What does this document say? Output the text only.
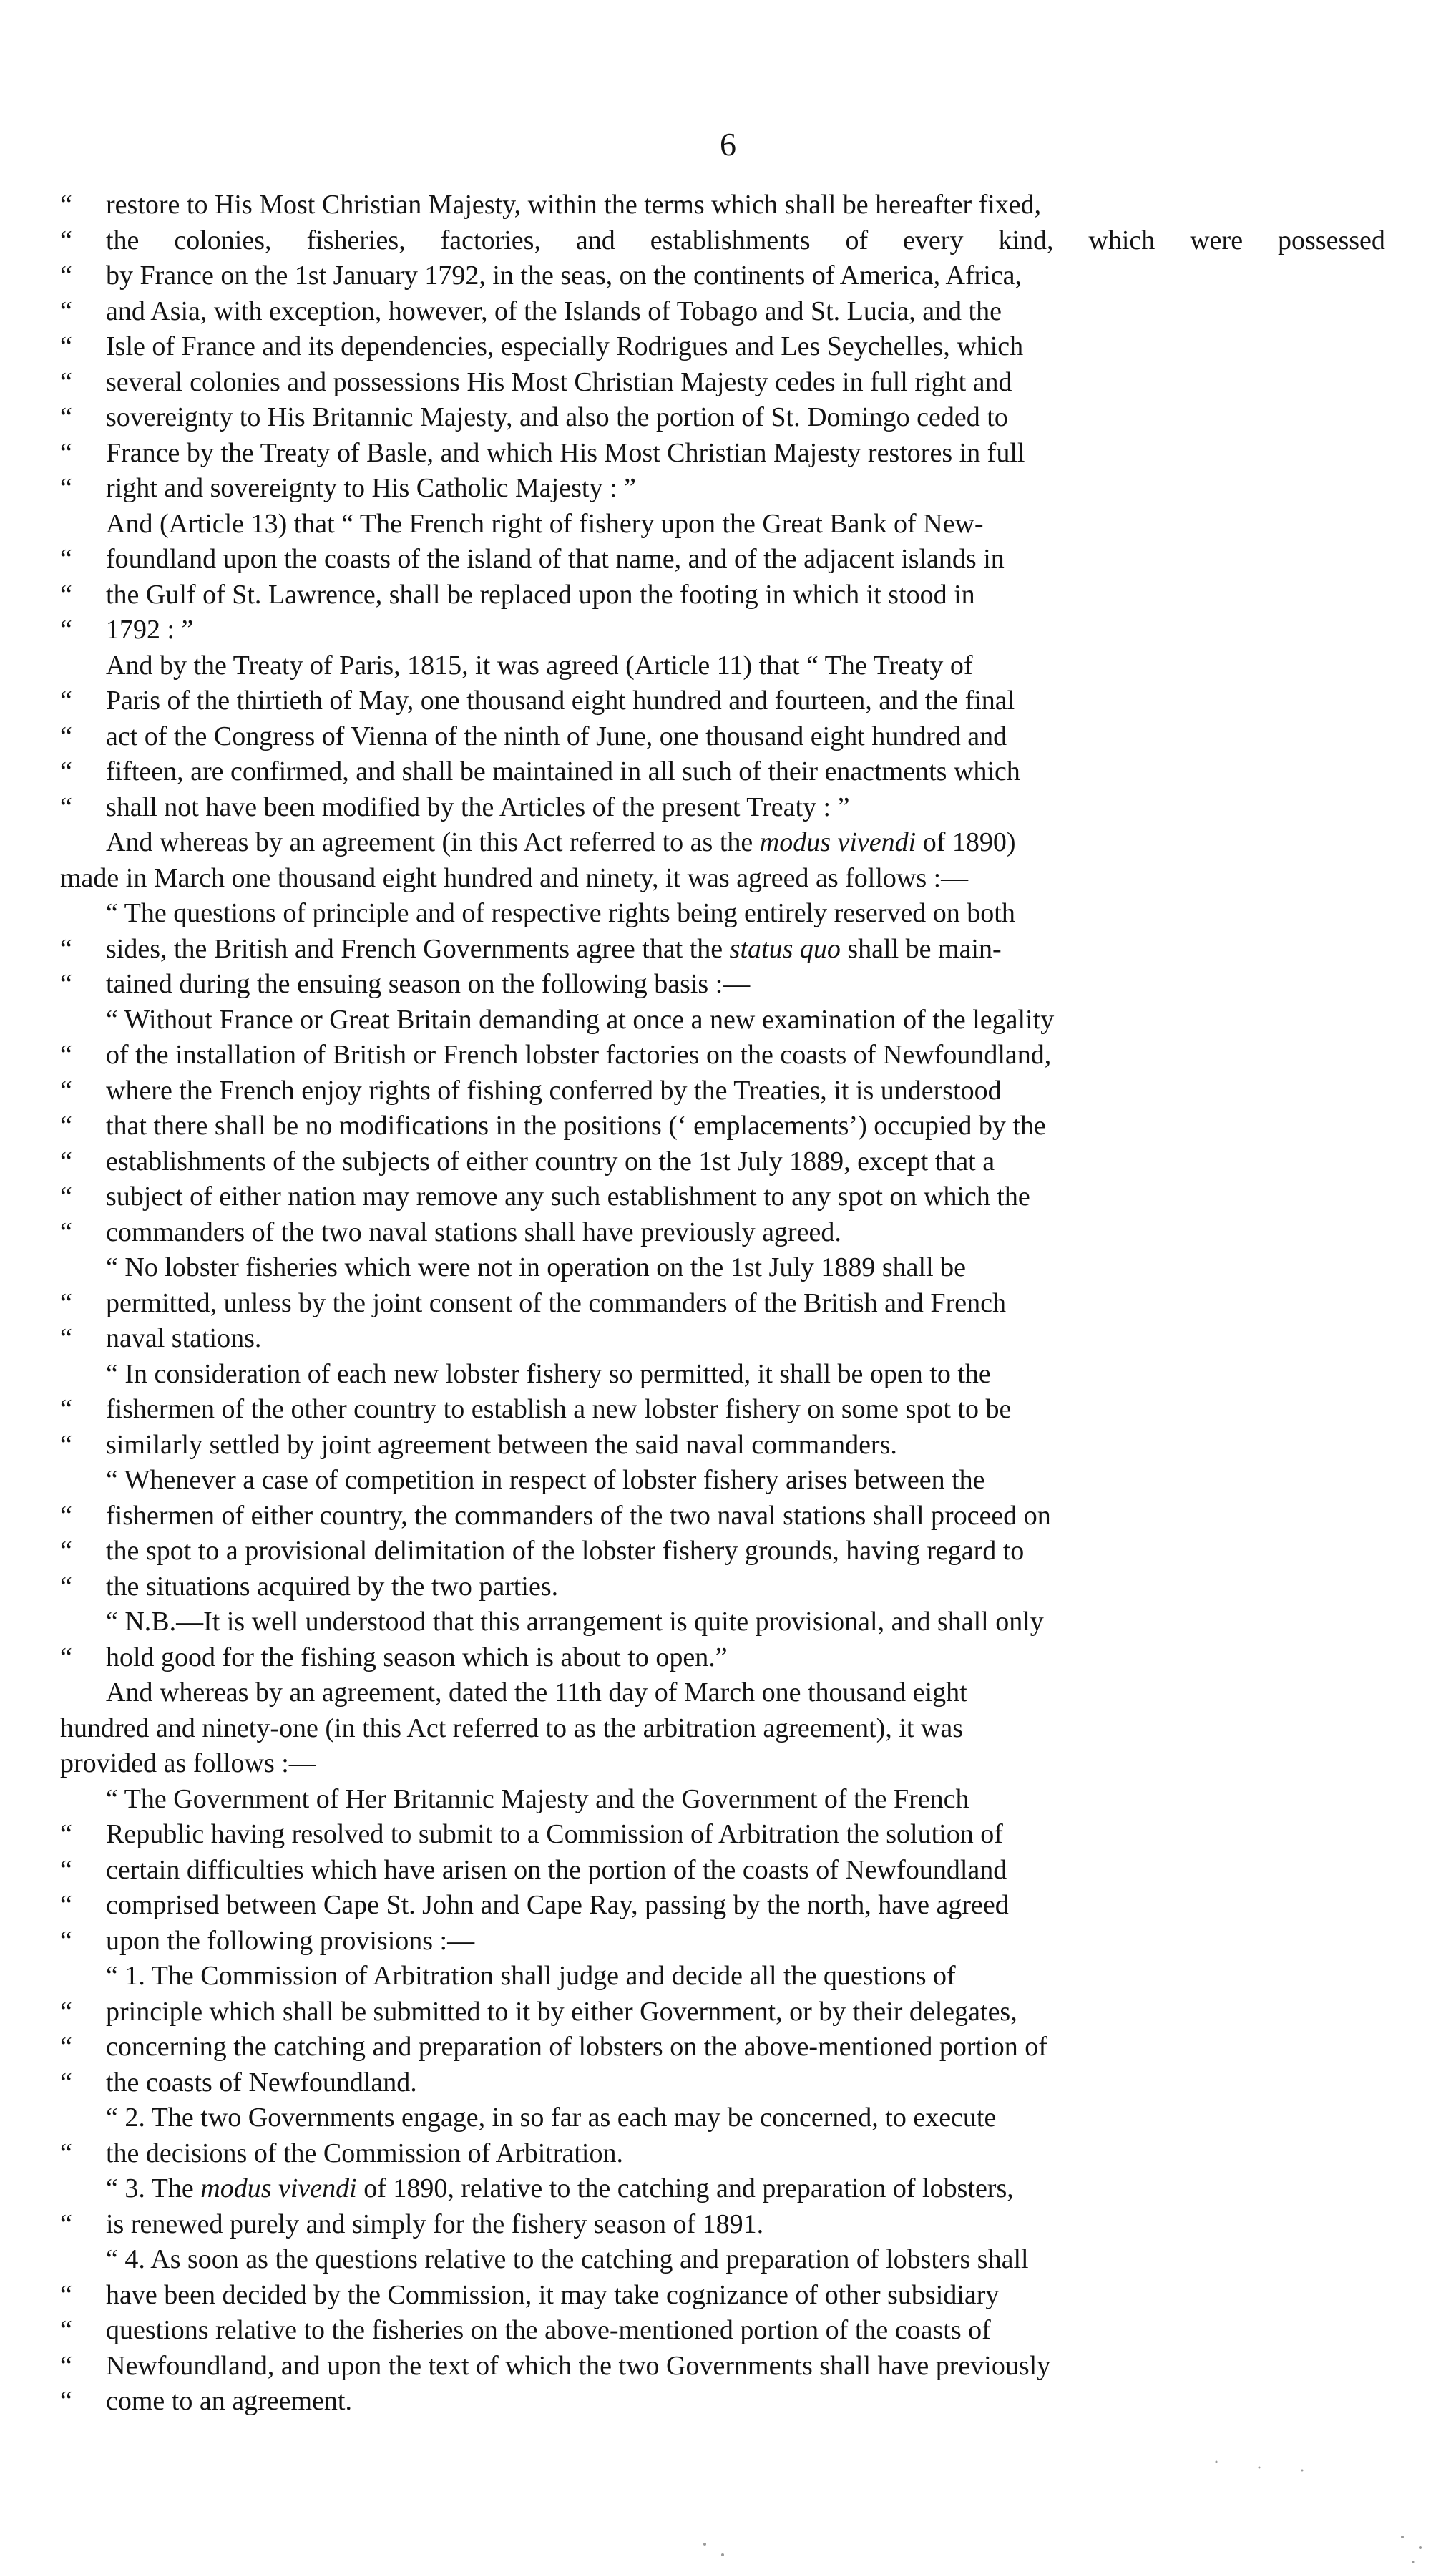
6
“	restore to His Most Christian Majesty, within the terms which shall be hereafter fixed,
“	the colonies, fisheries, factories, and establishments of every kind, which were possessed
“	by France on the 1st January 1792, in the seas, on the continents of America, Africa,
“	and Asia, with exception, however, of the Islands of Tobago and St. Lucia, and the
“	Isle of France and its dependencies, especially Rodrigues and Les Seychelles, which
“	several colonies and possessions His Most Christian Majesty cedes in full right and
“	sovereignty to His Britannic Majesty, and also the portion of St. Domingo ceded to
“	France by the Treaty of Basle, and which His Most Christian Majesty restores in full
“	right and sovereignty to His Catholic Majesty : ”
And (Article 13) that “ The French right of fishery upon the Great Bank of New-
“	foundland upon the coasts of the island of that name, and of the adjacent islands in
“	the Gulf of St. Lawrence, shall be replaced upon the footing in which it stood in
“	1792 : ”
And by the Treaty of Paris, 1815, it was agreed (Article 11) that “ The Treaty of
“	Paris of the thirtieth of May, one thousand eight hundred and fourteen, and the final
“	act of the Congress of Vienna of the ninth of June, one thousand eight hundred and
“	fifteen, are confirmed, and shall be maintained in all such of their enactments which
“	shall not have been modified by the Articles of the present Treaty : ”
And whereas by an agreement (in this Act referred to as the modus vivendi of 1890)
made in March one thousand eight hundred and ninety, it was agreed as follows :—
“ The questions of principle and of respective rights being entirely reserved on both
“	sides, the British and French Governments agree that the status quo shall be main-
“	tained during the ensuing season on the following basis :—
“ Without France or Great Britain demanding at once a new examination of the legality
“	of the installation of British or French lobster factories on the coasts of Newfoundland,
“	where the French enjoy rights of fishing conferred by the Treaties, it is understood
“	that there shall be no modifications in the positions (‘ emplacements’) occupied by the
“	establishments of the subjects of either country on the 1st July 1889, except that a
“	subject of either nation may remove any such establishment to any spot on which the
“	commanders of the two naval stations shall have previously agreed.
“ No lobster fisheries which were not in operation on the 1st July 1889 shall be
“	permitted, unless by the joint consent of the commanders of the British and French
“	naval stations.
“ In consideration of each new lobster fishery so permitted, it shall be open to the
“	fishermen of the other country to establish a new lobster fishery on some spot to be
“	similarly settled by joint agreement between the said naval commanders.
“ Whenever a case of competition in respect of lobster fishery arises between the
“	fishermen of either country, the commanders of the two naval stations shall proceed on
“	the spot to a provisional delimitation of the lobster fishery grounds, having regard to
“	the situations acquired by the two parties.
“ N.B.—It is well understood that this arrangement is quite provisional, and shall only
“	hold good for the fishing season which is about to open.”
And whereas by an agreement, dated the 11th day of March one thousand eight
hundred and ninety-one (in this Act referred to as the arbitration agreement), it was
provided as follows :—
“ The Government of Her Britannic Majesty and the Government of the French
“	Republic having resolved to submit to a Commission of Arbitration the solution of
“	certain difficulties which have arisen on the portion of the coasts of Newfoundland
“	comprised between Cape St. John and Cape Ray, passing by the north, have agreed
“	upon the following provisions :—
“ 1. The Commission of Arbitration shall judge and decide all the questions of
“	principle which shall be submitted to it by either Government, or by their delegates,
“	concerning the catching and preparation of lobsters on the above-mentioned portion of
“	the coasts of Newfoundland.
“ 2. The two Governments engage, in so far as each may be concerned, to execute
“	the decisions of the Commission of Arbitration.
“ 3. The modus vivendi of 1890, relative to the catching and preparation of lobsters,
“	is renewed purely and simply for the fishery season of 1891.
“ 4. As soon as the questions relative to the catching and preparation of lobsters shall
“	have been decided by the Commission, it may take cognizance of other subsidiary
“	questions relative to the fisheries on the above-mentioned portion of the coasts of
“	Newfoundland, and upon the text of which the two Governments shall have previously
“	come to an agreement.
